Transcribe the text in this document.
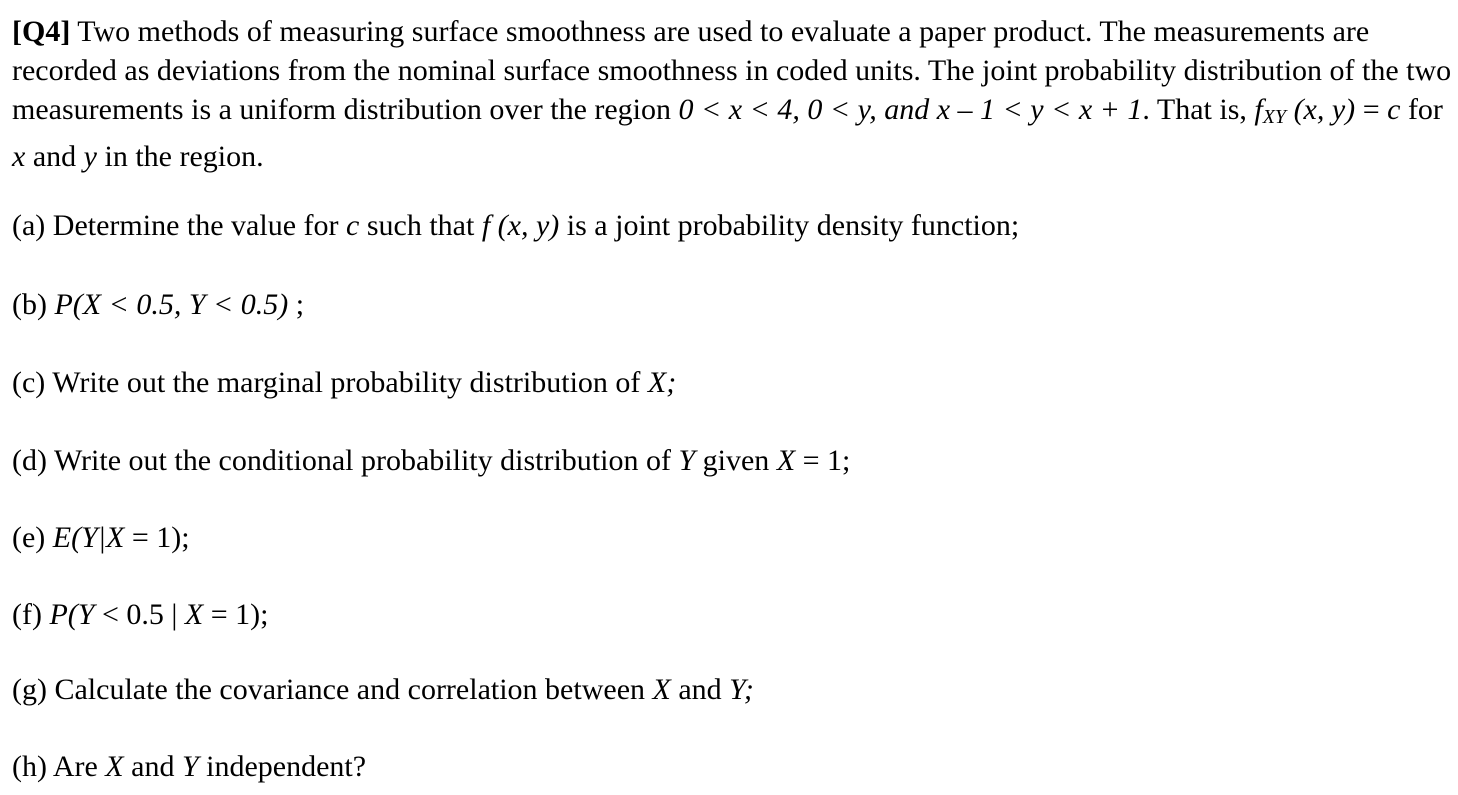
[Q4] Two methods of measuring surface smoothness are used to evaluate a paper product. The measurements are recorded as deviations from the nominal surface smoothness in coded units. The joint probability distribution of the two measurements is a uniform distribution over the region 0 < x < 4, 0 < y, and x – 1 < y < x + 1. That is, $f_{XY}$ (x, y) = c for x and y in the region.
(a) Determine the value for c such that f (x, y) is a joint probability density function;
(b) P(X < 0.5, Y < 0.5) ;
(c) Write out the marginal probability distribution of X;
(d) Write out the conditional probability distribution of Y given X = 1;
(e) E(Y|X = 1);
(f) P(Y < 0.5 | X = 1);
(g) Calculate the covariance and correlation between X and Y;
(h) Are X and Y independent?
